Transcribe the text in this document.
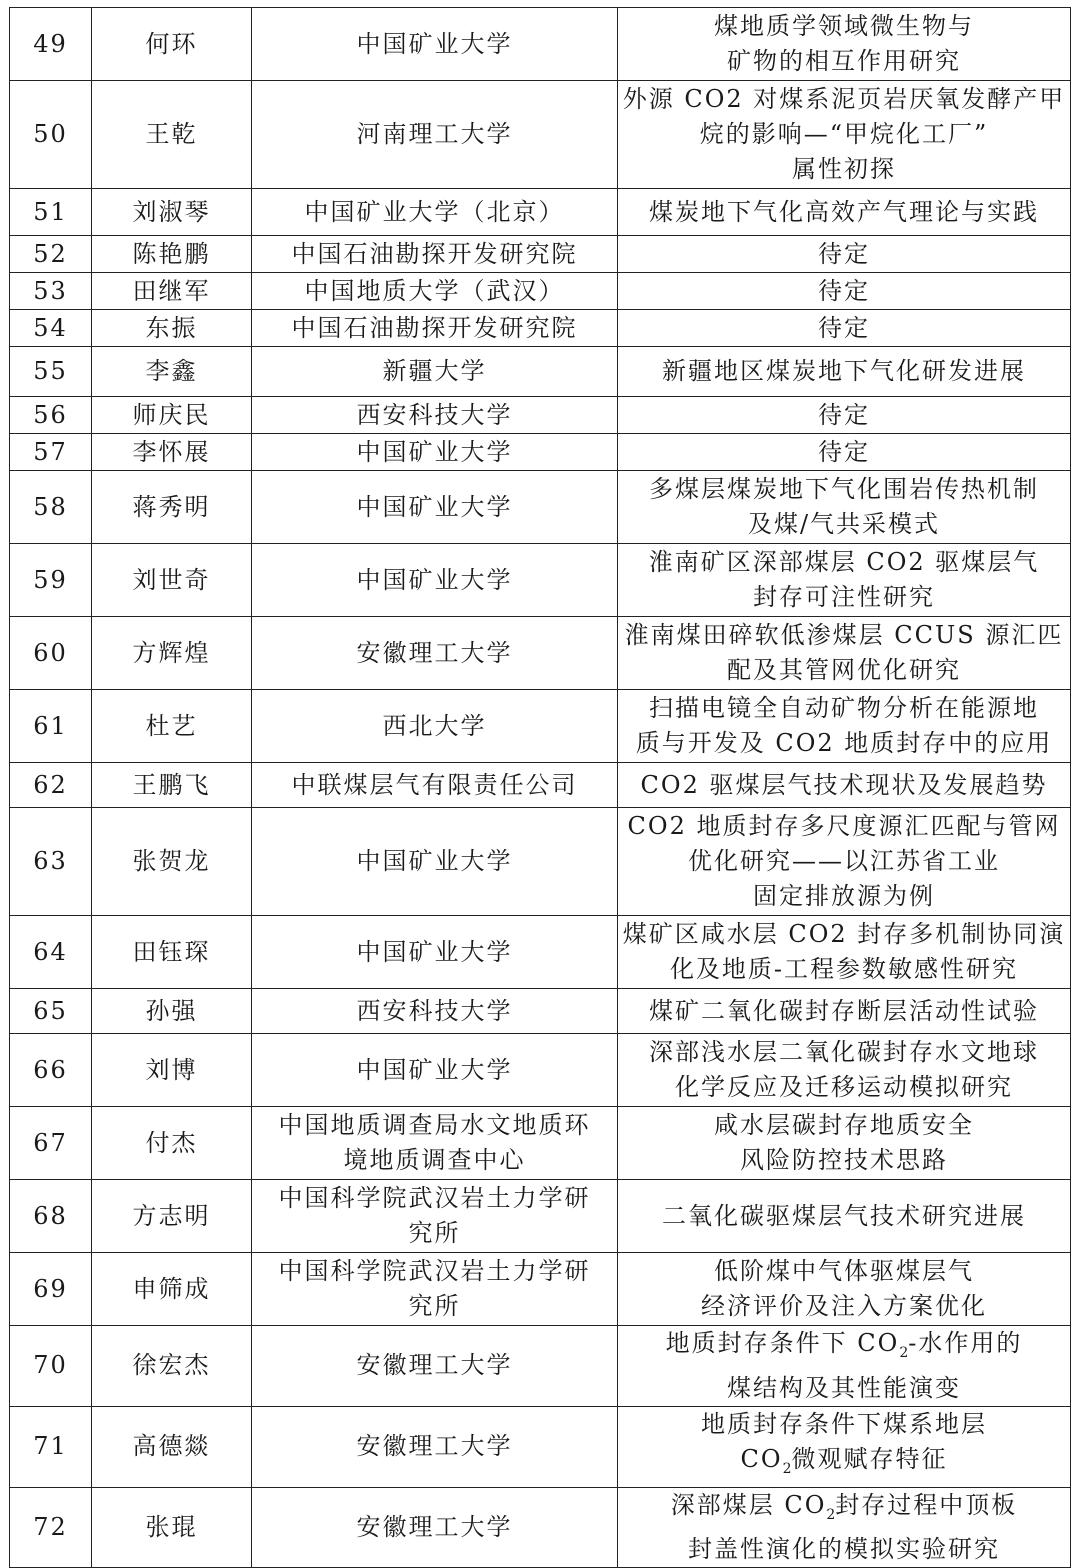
49	何环	中国矿业大学	煤地质学领域微生物与
矿物的相互作用研究

50	王乾	河南理工大学	外源 CO2 对煤系泥页岩厌氧发酵产甲
烷的影响—“甲烷化工厂”
属性初探

51	刘淑琴	中国矿业大学（北京）	煤炭地下气化高效产气理论与实践

52	陈艳鹏	中国石油勘探开发研究院	待定

53	田继军	中国地质大学（武汉）	待定

54	东振	中国石油勘探开发研究院	待定

55	李鑫	新疆大学	新疆地区煤炭地下气化研发进展

56	师庆民	西安科技大学	待定

57	李怀展	中国矿业大学	待定

58	蒋秀明	中国矿业大学	多煤层煤炭地下气化围岩传热机制
及煤/气共采模式

59	刘世奇	中国矿业大学	淮南矿区深部煤层 CO2 驱煤层气
封存可注性研究

60	方辉煌	安徽理工大学	淮南煤田碎软低渗煤层 CCUS 源汇匹
配及其管网优化研究

61	杜艺	西北大学	扫描电镜全自动矿物分析在能源地
质与开发及 CO2 地质封存中的应用

62	王鹏飞	中联煤层气有限责任公司	CO2 驱煤层气技术现状及发展趋势

63	张贺龙	中国矿业大学	CO2 地质封存多尺度源汇匹配与管网
优化研究——以江苏省工业
固定排放源为例

64	田钰琛	中国矿业大学	煤矿区咸水层 CO2 封存多机制协同演
化及地质-工程参数敏感性研究

65	孙强	西安科技大学	煤矿二氧化碳封存断层活动性试验

66	刘博	中国矿业大学	深部浅水层二氧化碳封存水文地球
化学反应及迁移运动模拟研究

67	付杰	中国地质调查局水文地质环
境地质调查中心	咸水层碳封存地质安全
风险防控技术思路

68	方志明	中国科学院武汉岩土力学研
究所	二氧化碳驱煤层气技术研究进展

69	申筛成	中国科学院武汉岩土力学研
究所	低阶煤中气体驱煤层气
经济评价及注入方案优化

70	徐宏杰	安徽理工大学	地质封存条件下 $CO_2-$水作用的
煤结构及其性能演变

71	高德燚	安徽理工大学	地质封存条件下煤系地层
$CO_2$微观赋存特征

72	张琨	安徽理工大学	深部煤层 $CO_2$封存过程中顶板
封盖性演化的模拟实验研究
